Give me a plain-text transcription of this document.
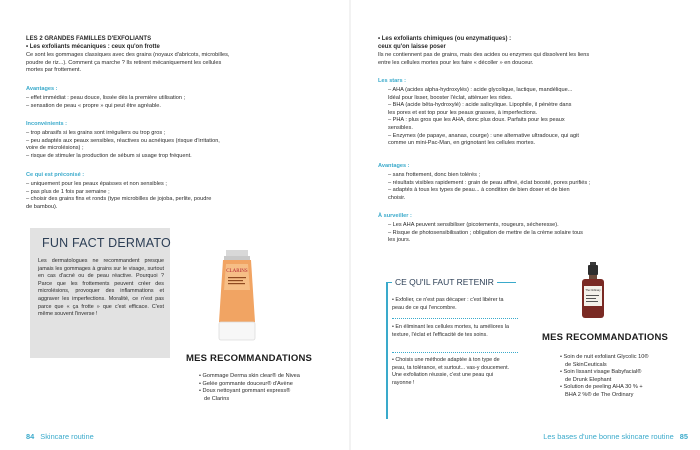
LES 2 GRANDES FAMILLES D'EXFOLIANTS
• Les exfoliants mécaniques : ceux qu'on frotte
Ce sont les gommages classiques avec des grains (noyaux d'abricots, microbilles,
poudre de riz...). Comment ça marche ? Ils retirent mécaniquement les cellules
mortes par frottement.
Avantages :
– effet immédiat : peau douce, lissée dès la première utilisation ;
– sensation de peau « propre » qui peut être agréable.
Inconvénients :
– trop abrasifs si les grains sont irréguliers ou trop gros ;
– peu adaptés aux peaux sensibles, réactives ou acnéiques (risque d'irritation,
voire de microlésions) ;
– risque de stimuler la production de sébum si usage trop fréquent.
Ce qui est préconisé :
– uniquement pour les peaux épaisses et non sensibles ;
– pas plus de 1 fois par semaine ;
– choisir des grains fins et ronds (type microbilles de jojoba, perlite, poudre
de bambou).
FUN FACT DERMATO
Les dermatologues ne recommandent presque jamais les gommages à grains sur le visage, surtout en cas d'acné ou de peau réactive. Pourquoi ? Parce que les frottements peuvent créer des microlésions, provoquer des inflammations et aggraver les imperfections. Moralité, ce n'est pas parce que « ça frotte » que c'est efficace. C'est même souvent l'inverse !
CLARINS
MES RECOMMANDATIONS
• Gommage Derma skin clear® de Nivea
• Gelée gommante douceur® d'Avène
• Doux nettoyant gommant express®
de Clarins
84 Skincare routine
• Les exfoliants chimiques (ou enzymatiques) :
ceux qu'on laisse poser
Ils ne contiennent pas de grains, mais des acides ou enzymes qui dissolvent les liens
entre les cellules mortes pour les faire « décoller » en douceur.
Les stars :
– AHA (acides alpha-hydroxylés) : acide glycolique, lactique, mandélique...
Idéal pour lisser, booster l'éclat, atténuer les rides.
– BHA (acide bêta-hydroxylé) : acide salicylique. Lipophile, il pénètre dans
les pores et est top pour les peaux grasses, à imperfections.
– PHA : plus gros que les AHA, donc plus doux. Parfaits pour les peaux
sensibles.
– Enzymes (de papaye, ananas, courge) : une alternative ultradouce, qui agit
comme un mini-Pac-Man, en grignotant les cellules mortes.
Avantages :
– sans frottement, donc bien tolérés ;
– résultats visibles rapidement : grain de peau affiné, éclat boosté, pores purifiés ;
– adaptés à tous les types de peau... à condition de bien doser et de bien
choisir.
À surveiller :
– Les AHA peuvent sensibiliser (picotements, rougeurs, sécheresse).
– Risque de photosensibilisation ; obligation de mettre de la crème solaire tous
les jours.
CE QU'IL FAUT RETENIR
• Exfolier, ce n'est pas décaper : c'est libérer ta peau de ce qui l'encombre.
• En éliminant les cellules mortes, tu améliores la texture, l'éclat et l'efficacité de tes soins.
• Choisis une méthode adaptée à ton type de peau, ta tolérance, et surtout... vas-y doucement. Une exfoliation réussie, c'est une peau qui rayonne !
The Ordinary
MES RECOMMANDATIONS
• Soin de nuit exfoliant Glycolic 10®
de SkinCeuticals
• Soin lissant visage Babyfacial®
de Drunk Elephant
• Solution de peeling AHA 30 % +
BHA 2 %® de The Ordinary
Les bases d'une bonne skincare routine 85
